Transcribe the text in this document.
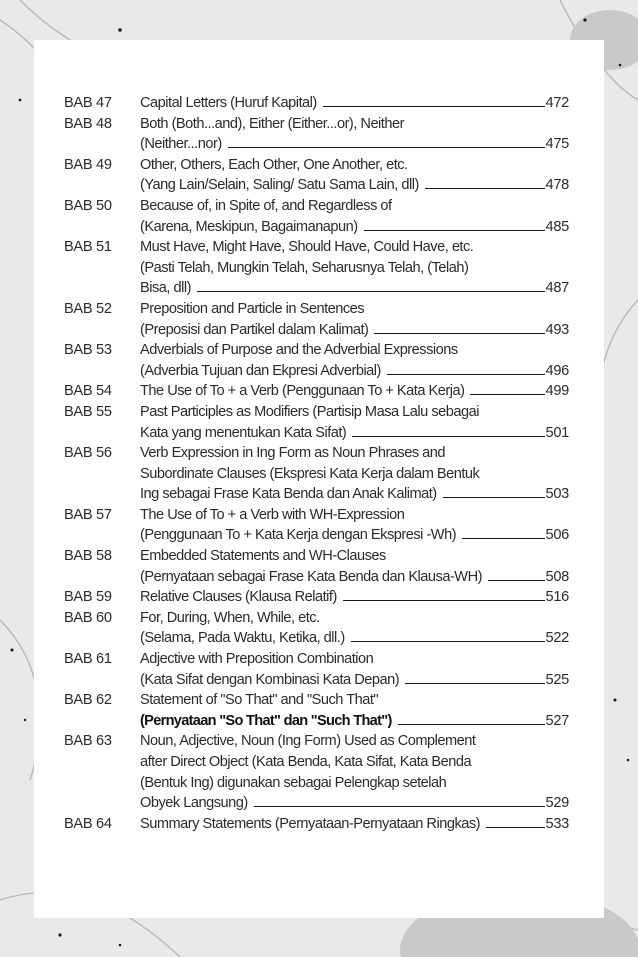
BAB 47	Capital Letters (Huruf Kapital)	472
BAB 48	Both (Both...and), Either (Either...or), Neither
(Neither...nor)	475
BAB 49	Other, Others, Each Other, One Another, etc.
(Yang Lain/Selain, Saling/ Satu Sama Lain, dll)	478
BAB 50	Because of, in Spite of, and Regardless of
(Karena, Meskipun, Bagaimanapun)	485
BAB 51	Must Have, Might Have, Should Have, Could Have, etc.
(Pasti Telah, Mungkin Telah, Seharusnya Telah, (Telah)
Bisa, dll)	487
BAB 52	Preposition and Particle in Sentences
(Preposisi dan Partikel dalam Kalimat)	493
BAB 53	Adverbials of Purpose and the Adverbial Expressions
(Adverbia Tujuan dan Ekpresi Adverbial)	496
BAB 54	The Use of To + a Verb (Penggunaan To + Kata Kerja)	499
BAB 55	Past Participles as Modifiers (Partisip Masa Lalu sebagai
Kata yang menentukan Kata Sifat)	501
BAB 56	Verb Expression in Ing Form as Noun Phrases and
Subordinate Clauses (Ekspresi Kata Kerja dalam Bentuk
Ing sebagai Frase Kata Benda dan Anak Kalimat)	503
BAB 57	The Use of To + a Verb with WH-Expression
(Penggunaan To + Kata Kerja dengan Ekspresi -Wh)	506
BAB 58	Embedded Statements and WH-Clauses
(Pernyataan sebagai Frase Kata Benda dan Klausa-WH)	508
BAB 59	Relative Clauses (Klausa Relatif)	516
BAB 60	For, During, When, While, etc.
(Selama, Pada Waktu, Ketika, dll.)	522
BAB 61	Adjective with Preposition Combination
(Kata Sifat dengan Kombinasi Kata Depan)	525
BAB 62	Statement of "So That" and "Such That"
(Pernyataan "So That" dan "Such That")	527
BAB 63	Noun, Adjective, Noun (Ing Form) Used as Complement
after Direct Object (Kata Benda, Kata Sifat, Kata Benda
(Bentuk Ing) digunakan sebagai Pelengkap setelah
Obyek Langsung)	529
BAB 64	Summary Statements (Pernyataan-Pernyataan Ringkas)	533
